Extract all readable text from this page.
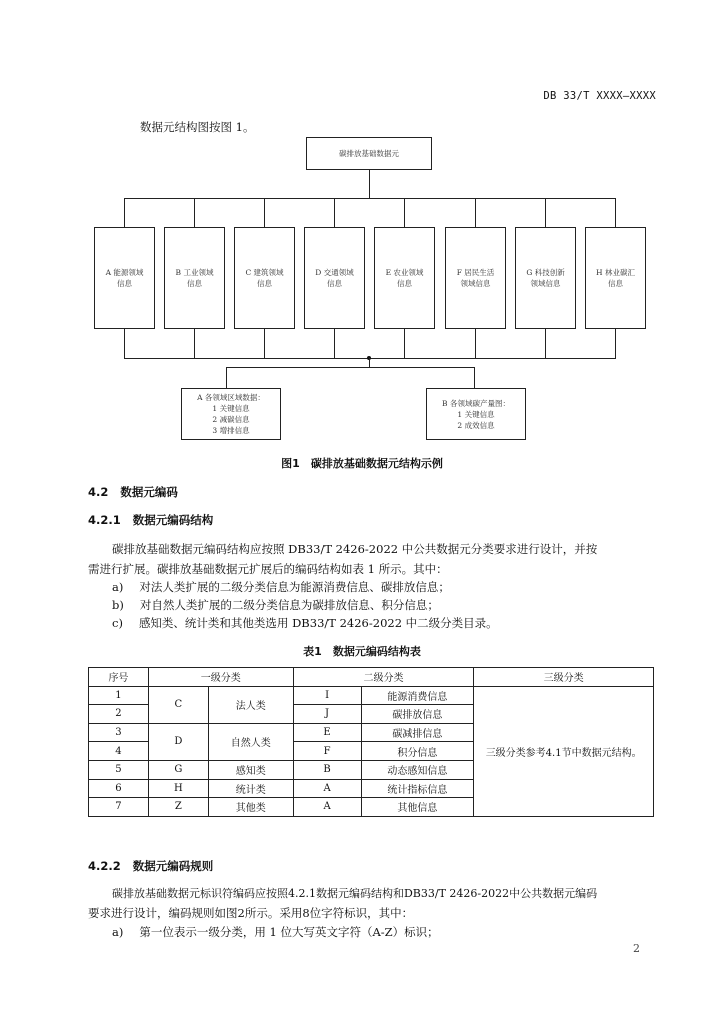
DB 33/T XXXX—XXXX
数据元结构图按图 1。
碳排放基础数据元
A 能源领域
信息
B 工业领域
信息
C 建筑领域
信息
D 交通领域
信息
E 农业领域
信息
F 居民生活
领域信息
G 科技创新
领域信息
H 林业碳汇
信息
A 各领域区域数据：
1 关键信息
2 减碳信息
3 增排信息
B 各领域碳产量图：
1 关键信息
2 成效信息
图1　碳排放基础数据元结构示例
4.2 数据元编码
4.2.1 数据元编码结构
碳排放基础数据元编码结构应按照 DB33/T 2426-2022 中公共数据元分类要求进行设计，并按
需进行扩展。碳排放基础数据元扩展后的编码结构如表 1 所示。其中：
a) 对法人类扩展的二级分类信息为能源消费信息、碳排放信息；
b) 对自然人类扩展的二级分类信息为碳排放信息、积分信息；
c) 感知类、统计类和其他类选用 DB33/T 2426-2022 中二级分类目录。
表1　数据元编码结构表
序号	一级分类		二级分类		三级分类
1	C	法人类	I	能源消费信息	三级分类参考4.1节中数据元结构。
2			J	碳排放信息	
3	D	自然人类	E	碳减排信息	
4			F	积分信息	
5	G	感知类	B	动态感知信息	
6	H	统计类	A	统计指标信息	
7	Z	其他类	A	其他信息	
4.2.2 数据元编码规则
碳排放基础数据元标识符编码应按照4.2.1数据元编码结构和DB33/T 2426-2022中公共数据元编码
要求进行设计，编码规则如图2所示。采用8位字符标识，其中：
a) 第一位表示一级分类，用 1 位大写英文字符（A-Z）标识；
2
